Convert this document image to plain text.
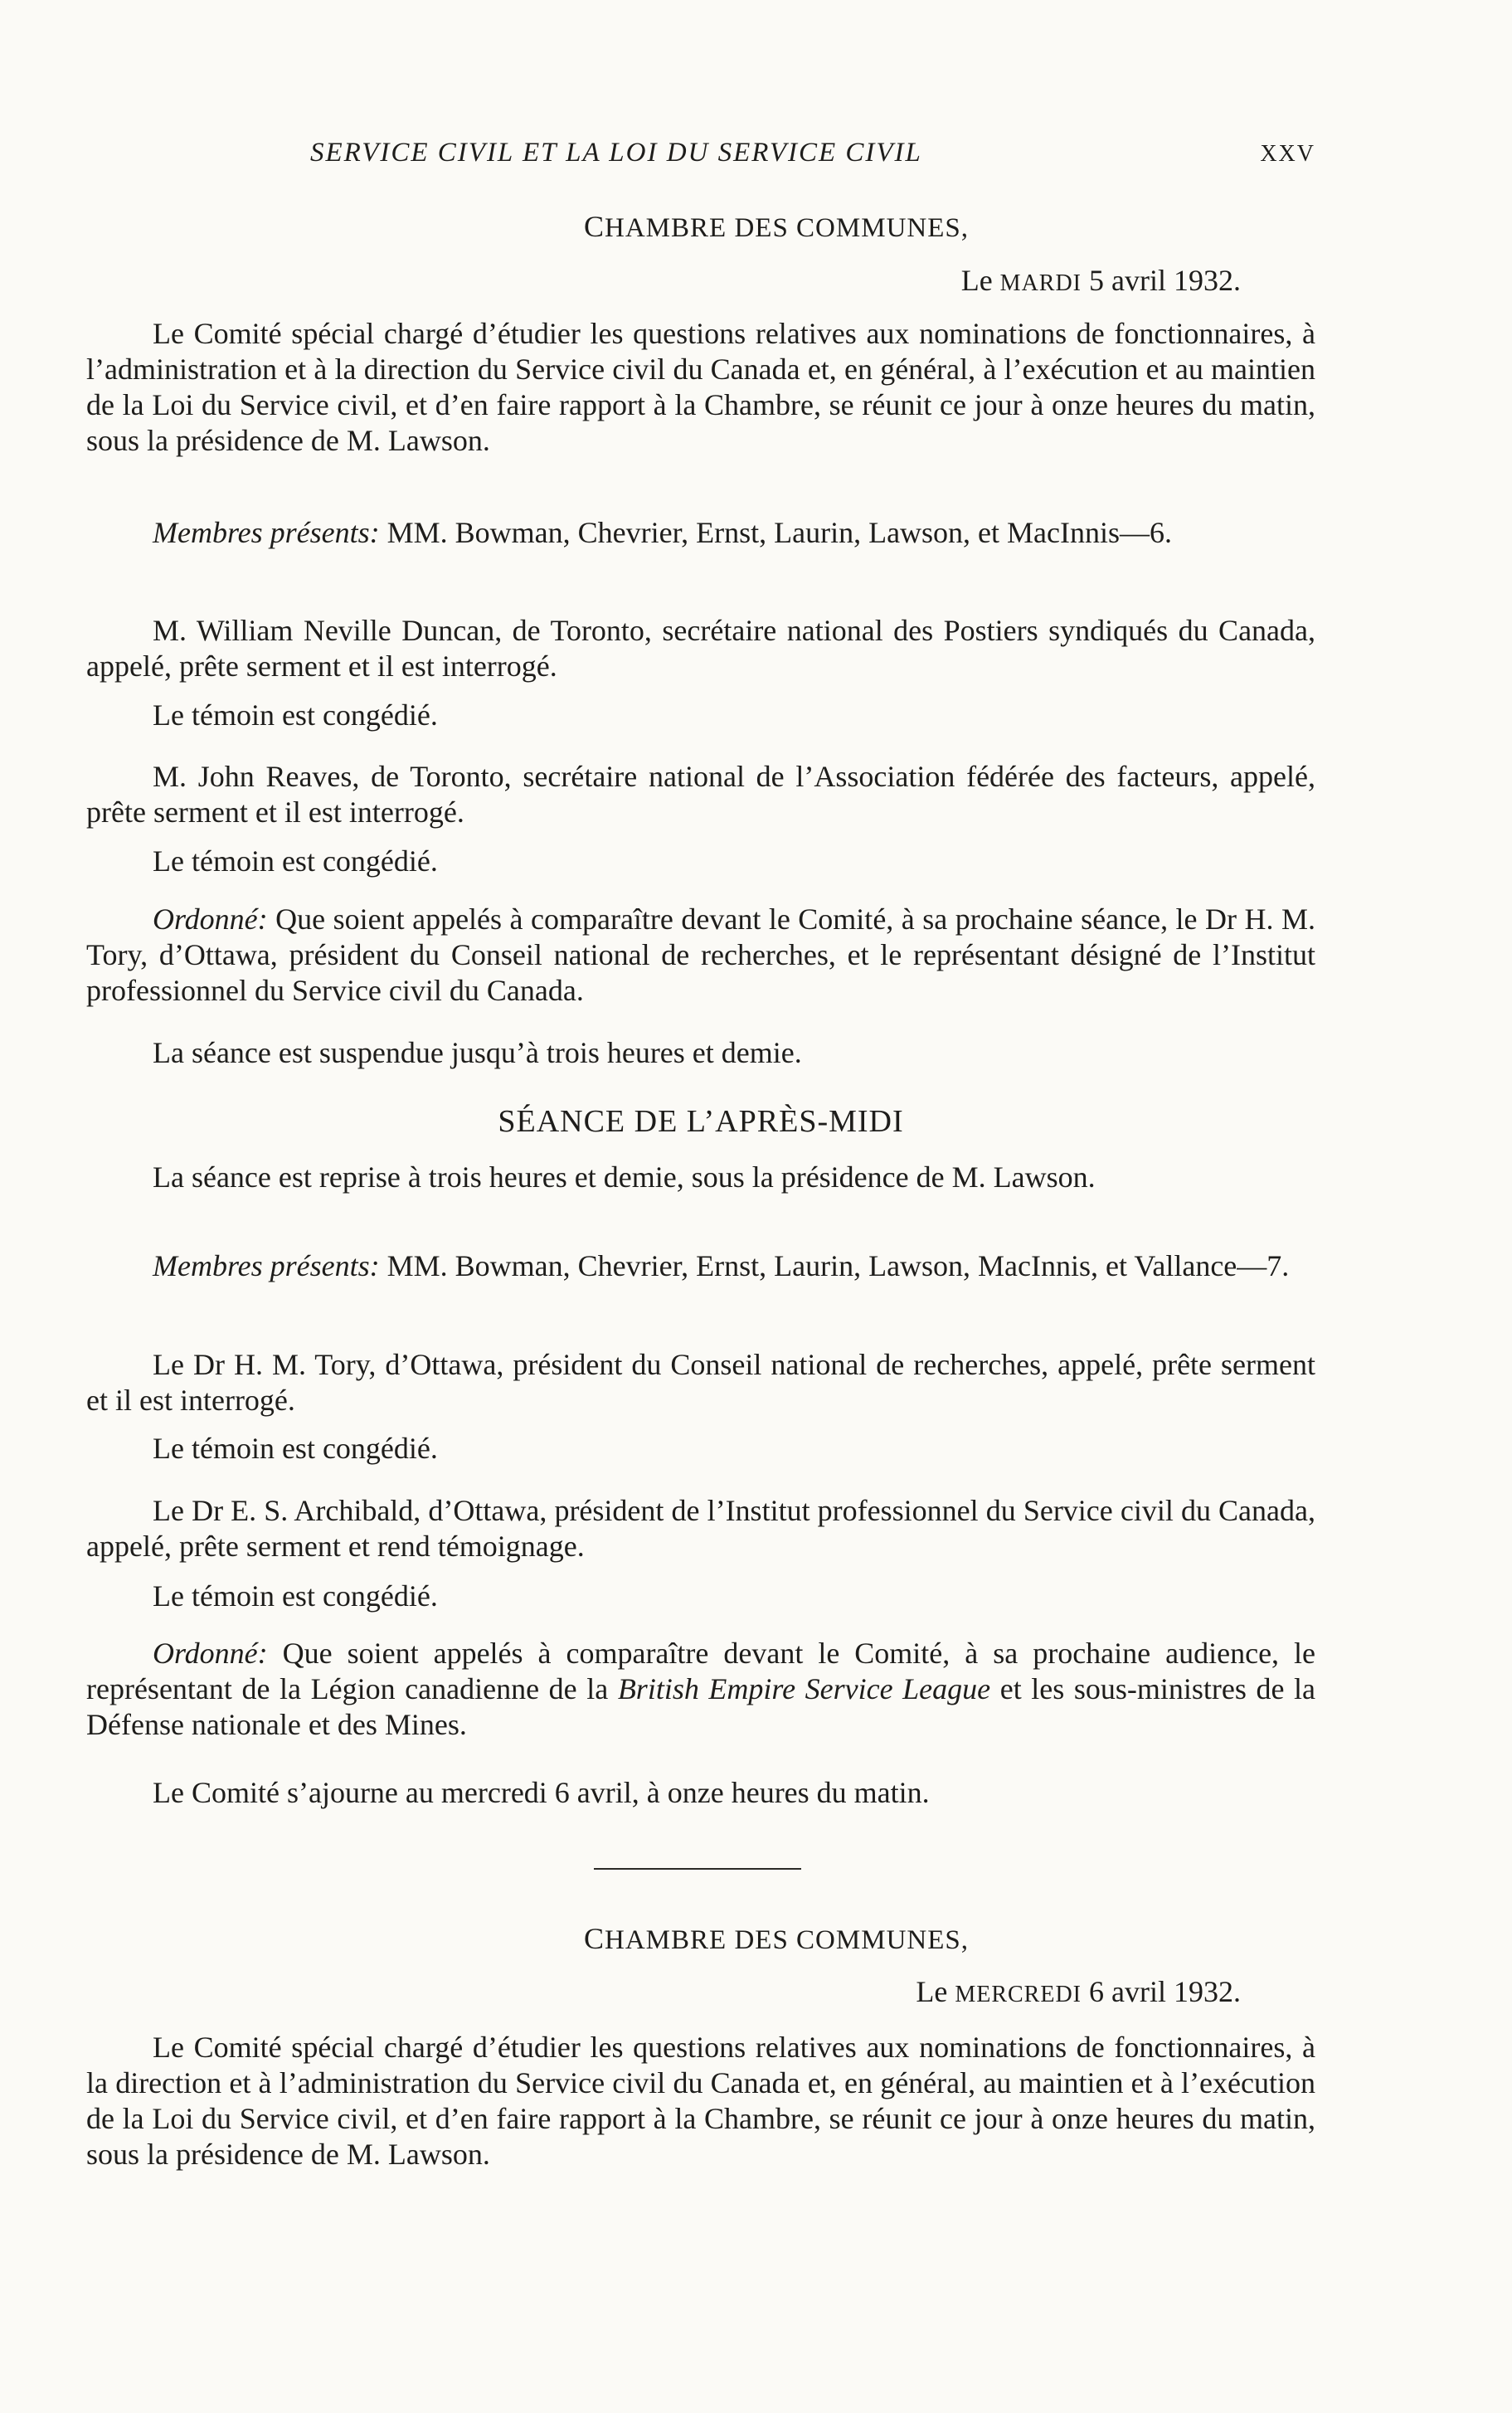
SERVICE CIVIL ET LA LOI DU SERVICE CIVIL	XXV
CHAMBRE DES COMMUNES,
Le MARDI 5 avril 1932.

Le Comité spécial chargé d’étudier les questions relatives aux nominations de fonctionnaires, à l’administration et à la direction du Service civil du Canada et, en général, à l’exécution et au maintien de la Loi du Service civil, et d’en faire rapport à la Chambre, se réunit ce jour à onze heures du matin, sous la présidence de M. Lawson.

Membres présents: MM. Bowman, Chevrier, Ernst, Laurin, Lawson, et MacInnis—6.

M. William Neville Duncan, de Toronto, secrétaire national des Postiers syndiqués du Canada, appelé, prête serment et il est interrogé.

Le témoin est congédié.

M. John Reaves, de Toronto, secrétaire national de l’Association fédérée des facteurs, appelé, prête serment et il est interrogé.

Le témoin est congédié.

Ordonné: Que soient appelés à comparaître devant le Comité, à sa prochaine séance, le Dr H. M. Tory, d’Ottawa, président du Conseil national de recherches, et le représentant désigné de l’Institut professionnel du Service civil du Canada.

La séance est suspendue jusqu’à trois heures et demie.

SÉANCE DE L’APRÈS-MIDI

La séance est reprise à trois heures et demie, sous la présidence de M. Lawson.

Membres présents: MM. Bowman, Chevrier, Ernst, Laurin, Lawson, MacInnis, et Vallance—7.

Le Dr H. M. Tory, d’Ottawa, président du Conseil national de recherches, appelé, prête serment et il est interrogé.

Le témoin est congédié.

Le Dr E. S. Archibald, d’Ottawa, président de l’Institut professionnel du Service civil du Canada, appelé, prête serment et rend témoignage.

Le témoin est congédié.

Ordonné: Que soient appelés à comparaître devant le Comité, à sa prochaine audience, le représentant de la Légion canadienne de la British Empire Service League et les sous-ministres de la Défense nationale et des Mines.

Le Comité s’ajourne au mercredi 6 avril, à onze heures du matin.

CHAMBRE DES COMMUNES,
Le MERCREDI 6 avril 1932.

Le Comité spécial chargé d’étudier les questions relatives aux nominations de fonctionnaires, à la direction et à l’administration du Service civil du Canada et, en général, au maintien et à l’exécution de la Loi du Service civil, et d’en faire rapport à la Chambre, se réunit ce jour à onze heures du matin, sous la présidence de M. Lawson.
